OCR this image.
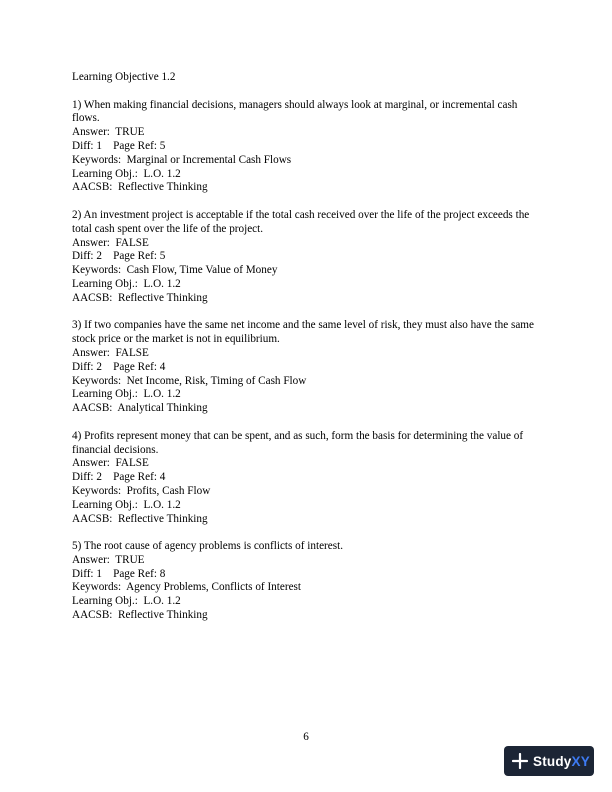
Learning Objective 1.2
1) When making financial decisions, managers should always look at marginal, or incremental cash flows.
Answer:  TRUE
Diff: 1    Page Ref: 5
Keywords:  Marginal or Incremental Cash Flows
Learning Obj.:  L.O. 1.2
AACSB:  Reflective Thinking
2) An investment project is acceptable if the total cash received over the life of the project exceeds the total cash spent over the life of the project.
Answer:  FALSE
Diff: 2    Page Ref: 5
Keywords:  Cash Flow, Time Value of Money
Learning Obj.:  L.O. 1.2
AACSB:  Reflective Thinking
3) If two companies have the same net income and the same level of risk, they must also have the same stock price or the market is not in equilibrium.
Answer:  FALSE
Diff: 2    Page Ref: 4
Keywords:  Net Income, Risk, Timing of Cash Flow
Learning Obj.:  L.O. 1.2
AACSB:  Analytical Thinking
4) Profits represent money that can be spent, and as such, form the basis for determining the value of financial decisions.
Answer:  FALSE
Diff: 2    Page Ref: 4
Keywords:  Profits, Cash Flow
Learning Obj.:  L.O. 1.2
AACSB:  Reflective Thinking
5) The root cause of agency problems is conflicts of interest.
Answer:  TRUE
Diff: 1    Page Ref: 8
Keywords:  Agency Problems, Conflicts of Interest
Learning Obj.:  L.O. 1.2
AACSB:  Reflective Thinking
6
StudyXY
